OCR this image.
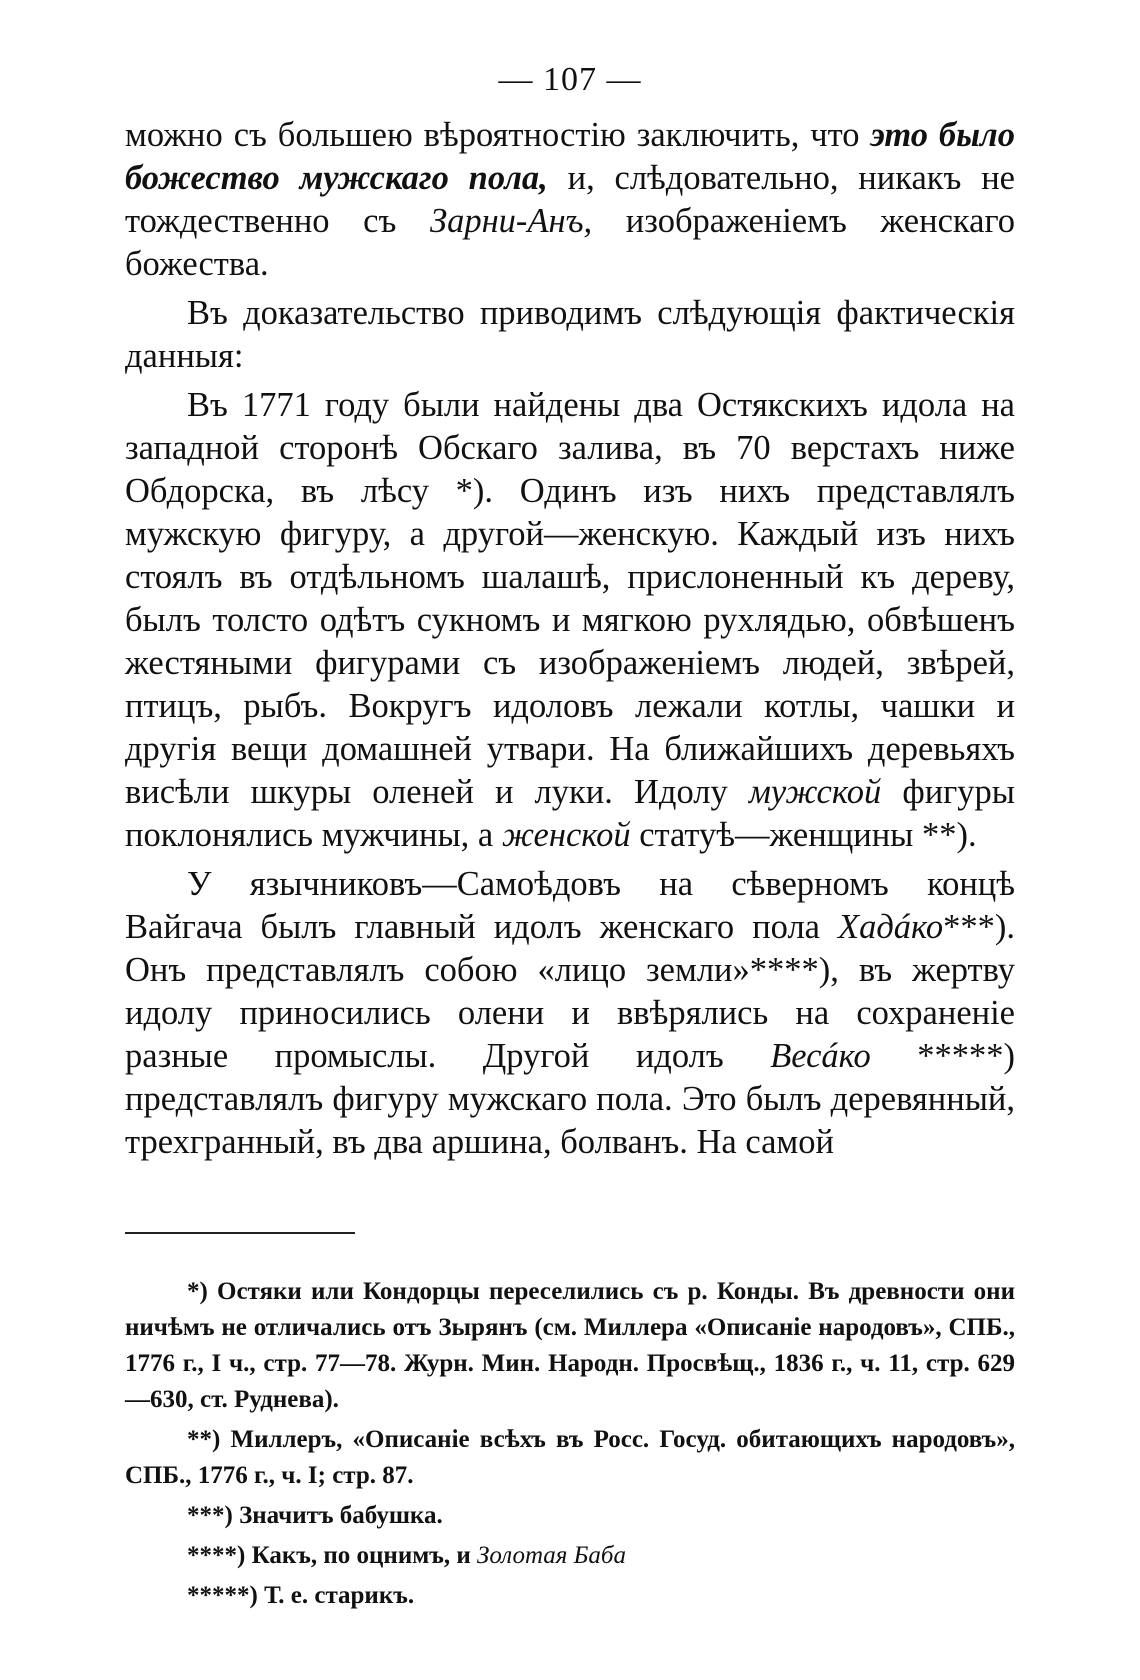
— 107 —

можно съ большею вѣроятностію заключить, что это было божество мужскаго пола, и, слѣдовательно, никакъ не тождественно съ Зарни-Анъ, изображеніемъ женскаго божества.

Въ доказательство приводимъ слѣдующія фактическія данныя:

Въ 1771 году были найдены два Остякскихъ идола на западной сторонѣ Обскаго залива, въ 70 верстахъ ниже Обдорска, въ лѣсу *). Одинъ изъ нихъ представлялъ мужскую фигуру, а другой—женскую. Каждый изъ нихъ стоялъ въ отдѣльномъ шалашѣ, прислоненный къ дереву, былъ толсто одѣтъ сукномъ и мягкою рухлядью, обвѣшенъ жестяными фигурами съ изображеніемъ людей, звѣрей, птицъ, рыбъ. Вокругъ идоловъ лежали котлы, чашки и другія вещи домашней утвари. На ближайшихъ деревьяхъ висѣли шкуры оленей и луки. Идолу мужской фигуры поклонялись мужчины, а женской статуѣ—женщины **).

У язычниковъ—Самоѣдовъ на сѣверномъ концѣ Вайгача былъ главный идолъ женскаго пола Хадáко***). Онъ представлялъ собою «лицо земли»****), въ жертву идолу приносились олени и ввѣрялись на сохраненіе разные промыслы. Другой идолъ Весáко *****) представлялъ фигуру мужскаго пола. Это былъ деревянный, трехгранный, въ два аршина, болванъ. На самой

*) Остяки или Кондорцы переселились съ р. Конды. Въ древности они ничѣмъ не отличались отъ Зырянъ (см. Миллера «Описаніе народовъ», СПБ., 1776 г., I ч., стр. 77—78. Журн. Мин. Народн. Просвѣщ., 1836 г., ч. 11, стр. 629—630, ст. Руднева).

**) Миллеръ, «Описаніе всѣхъ въ Росс. Госуд. обитающихъ народовъ», СПБ., 1776 г., ч. I; стр. 87.

***) Значитъ бабушка.

****) Какъ, по оцнимъ, и Золотая Баба

*****) Т. е. старикъ.
